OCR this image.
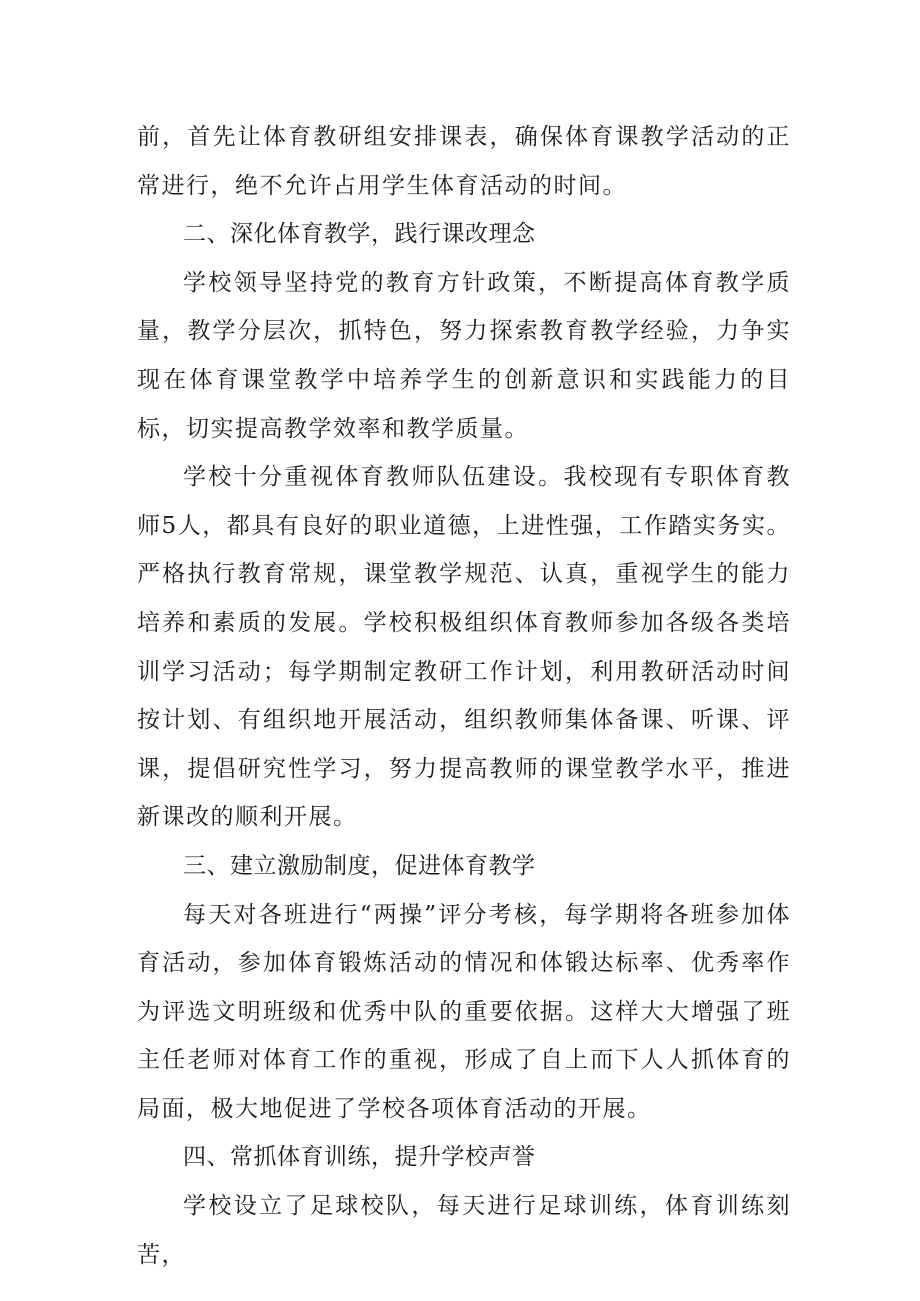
前，首先让体育教研组安排课表，确保体育课教学活动的正常进行，绝不允许占用学生体育活动的时间。

二、深化体育教学，践行课改理念

学校领导坚持党的教育方针政策，不断提高体育教学质量，教学分层次，抓特色，努力探索教育教学经验，力争实现在体育课堂教学中培养学生的创新意识和实践能力的目标，切实提高教学效率和教学质量。

学校十分重视体育教师队伍建设。我校现有专职体育教师5人，都具有良好的职业道德，上进性强，工作踏实务实。严格执行教育常规，课堂教学规范、认真，重视学生的能力培养和素质的发展。学校积极组织体育教师参加各级各类培训学习活动；每学期制定教研工作计划，利用教研活动时间按计划、有组织地开展活动，组织教师集体备课、听课、评课，提倡研究性学习，努力提高教师的课堂教学水平，推进新课改的顺利开展。

三、建立激励制度，促进体育教学

每天对各班进行“两操”评分考核，每学期将各班参加体育活动，参加体育锻炼活动的情况和体锻达标率、优秀率作为评选文明班级和优秀中队的重要依据。这样大大增强了班主任老师对体育工作的重视，形成了自上而下人人抓体育的局面，极大地促进了学校各项体育活动的开展。

四、常抓体育训练，提升学校声誉

学校设立了足球校队，每天进行足球训练，体育训练刻苦，
